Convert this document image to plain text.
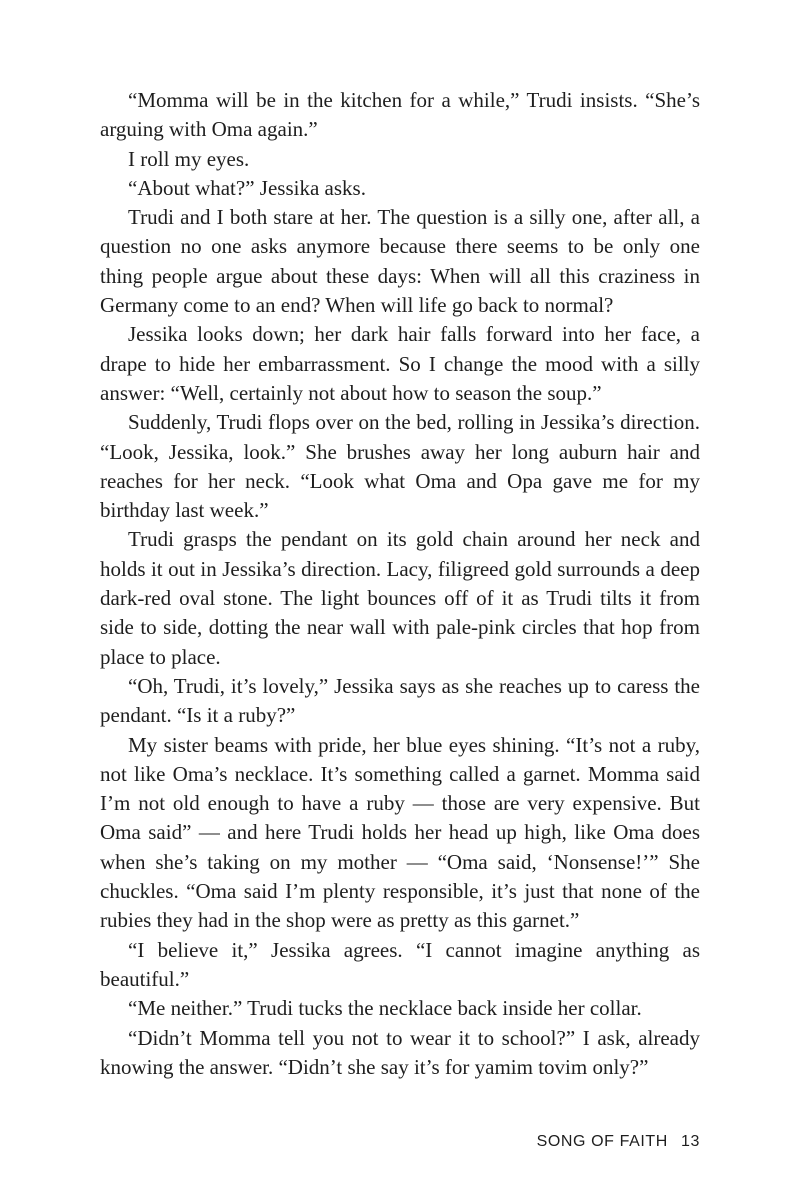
“Momma will be in the kitchen for a while,” Trudi insists. “She’s arguing with Oma again.”

I roll my eyes.

“About what?” Jessika asks.

Trudi and I both stare at her. The question is a silly one, after all, a question no one asks anymore because there seems to be only one thing people argue about these days: When will all this craziness in Germany come to an end? When will life go back to normal?

Jessika looks down; her dark hair falls forward into her face, a drape to hide her embarrassment. So I change the mood with a silly answer: “Well, certainly not about how to season the soup.”

Suddenly, Trudi flops over on the bed, rolling in Jessika’s direction. “Look, Jessika, look.” She brushes away her long auburn hair and reaches for her neck. “Look what Oma and Opa gave me for my birthday last week.”

Trudi grasps the pendant on its gold chain around her neck and holds it out in Jessika’s direction. Lacy, filigreed gold surrounds a deep dark-red oval stone. The light bounces off of it as Trudi tilts it from side to side, dotting the near wall with pale-pink circles that hop from place to place.

“Oh, Trudi, it’s lovely,” Jessika says as she reaches up to caress the pendant. “Is it a ruby?”

My sister beams with pride, her blue eyes shining. “It’s not a ruby, not like Oma’s necklace. It’s something called a garnet. Momma said I’m not old enough to have a ruby — those are very expensive. But Oma said” — and here Trudi holds her head up high, like Oma does when she’s taking on my mother — “Oma said, ‘Nonsense!’” She chuckles. “Oma said I’m plenty responsible, it’s just that none of the rubies they had in the shop were as pretty as this garnet.”

“I believe it,” Jessika agrees. “I cannot imagine anything as beautiful.”

“Me neither.” Trudi tucks the necklace back inside her collar.

“Didn’t Momma tell you not to wear it to school?” I ask, already knowing the answer. “Didn’t she say it’s for yamim tovim only?”

SONG OF FAITH 13
